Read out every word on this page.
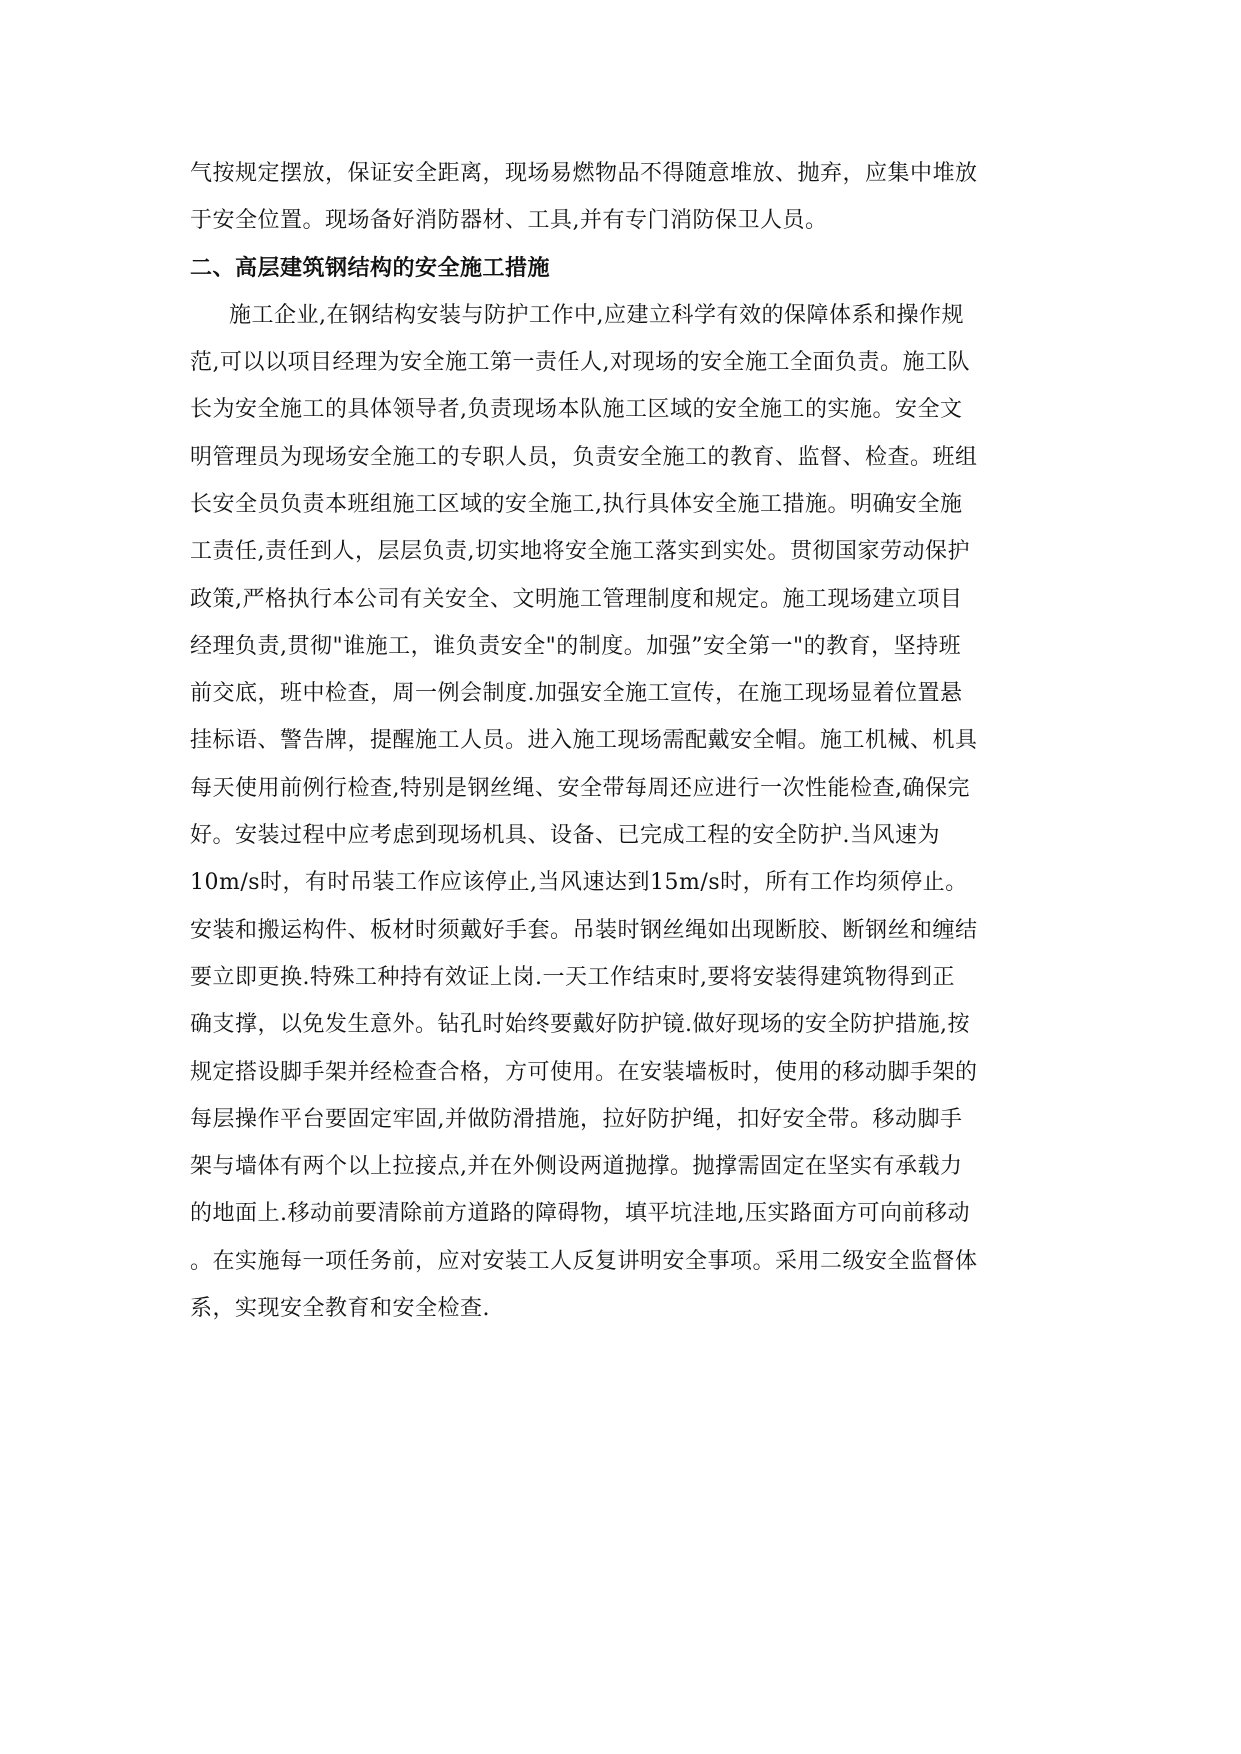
气按规定摆放，保证安全距离，现场易燃物品不得随意堆放、抛弃，应集中堆放

于安全位置。现场备好消防器材、工具,并有专门消防保卫人员。

二、高层建筑钢结构的安全施工措施

施工企业,在钢结构安装与防护工作中,应建立科学有效的保障体系和操作规

范,可以以项目经理为安全施工第一责任人,对现场的安全施工全面负责。施工队

长为安全施工的具体领导者,负责现场本队施工区域的安全施工的实施。安全文

明管理员为现场安全施工的专职人员，负责安全施工的教育、监督、检查。班组

长安全员负责本班组施工区域的安全施工,执行具体安全施工措施。明确安全施

工责任,责任到人，层层负责,切实地将安全施工落实到实处。贯彻国家劳动保护

政策,严格执行本公司有关安全、文明施工管理制度和规定。施工现场建立项目

经理负责,贯彻"谁施工，谁负责安全"的制度。加强”安全第一"的教育，坚持班

前交底，班中检查，周一例会制度.加强安全施工宣传，在施工现场显着位置悬

挂标语、警告牌，提醒施工人员。进入施工现场需配戴安全帽。施工机械、机具

每天使用前例行检查,特别是钢丝绳、安全带每周还应进行一次性能检查,确保完

好。安装过程中应考虑到现场机具、设备、已完成工程的安全防护.当风速为

10m/s时，有时吊装工作应该停止,当风速达到15m/s时，所有工作均须停止。

安装和搬运构件、板材时须戴好手套。吊装时钢丝绳如出现断胶、断钢丝和缠结

要立即更换.特殊工种持有效证上岗.一天工作结束时,要将安装得建筑物得到正

确支撑，以免发生意外。钻孔时始终要戴好防护镜.做好现场的安全防护措施,按

规定搭设脚手架并经检查合格，方可使用。在安装墙板时，使用的移动脚手架的

每层操作平台要固定牢固,并做防滑措施，拉好防护绳，扣好安全带。移动脚手

架与墙体有两个以上拉接点,并在外侧设两道抛撑。抛撑需固定在坚实有承载力

的地面上.移动前要清除前方道路的障碍物，填平坑洼地,压实路面方可向前移动

。在实施每一项任务前，应对安装工人反复讲明安全事项。采用二级安全监督体

系，实现安全教育和安全检查.
